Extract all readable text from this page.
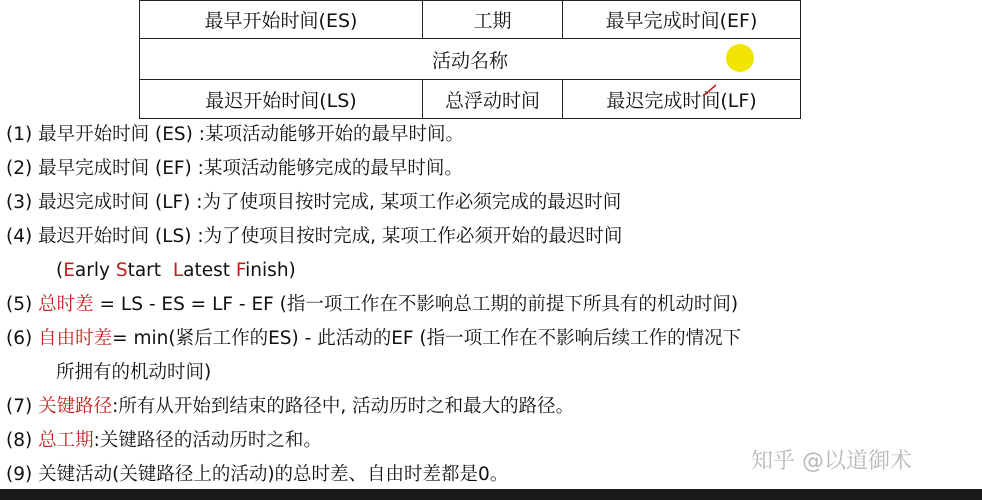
最早开始时间(ES)	工期	最早完成时间(EF)
活动名称		
最迟开始时间(LS)	总浮动时间	最迟完成时间(LF)
(1) 最早开始时间 (ES) :某项活动能够开始的最早时间。
(2) 最早完成时间 (EF) :某项活动能够完成的最早时间。
(3) 最迟完成时间 (LF) :为了使项目按时完成, 某项工作必须完成的最迟时间
(4) 最迟开始时间 (LS) :为了使项目按时完成, 某项工作必须开始的最迟时间
(Early Start  Latest Finish)
(5) 总时差 = LS - ES = LF - EF (指一项工作在不影响总工期的前提下所具有的机动时间)
(6) 自由时差= min(紧后工作的ES) - 此活动的EF (指一项工作在不影响后续工作的情况下
所拥有的机动时间)
(7) 关键路径:所有从开始到结束的路径中, 活动历时之和最大的路径。
(8) 总工期:关键路径的活动历时之和。
(9) 关键活动(关键路径上的活动)的总时差、自由时差都是0。
知乎 @以道御术
